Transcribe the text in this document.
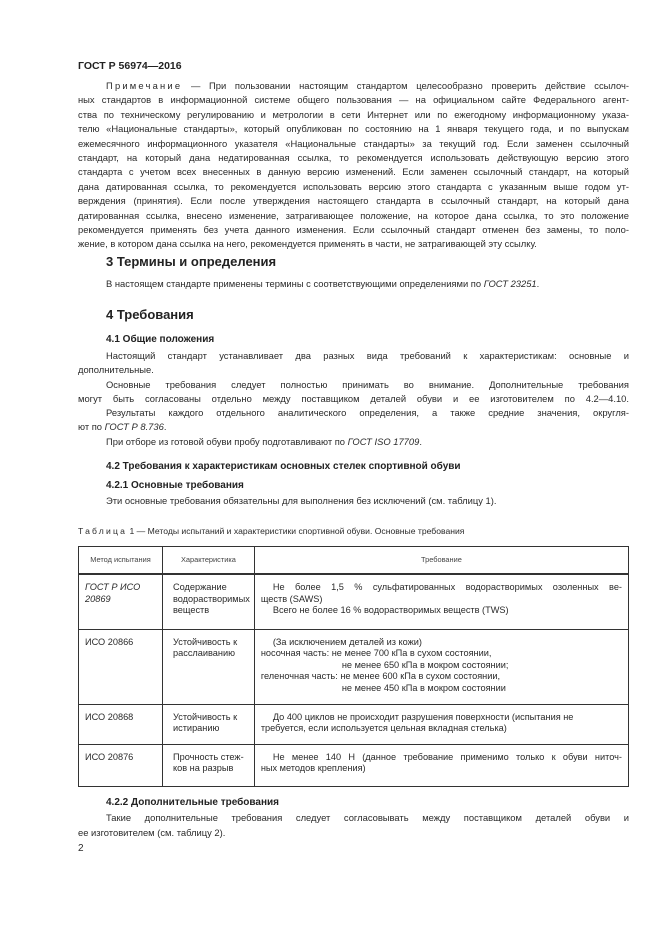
ГОСТ Р 56974—2016
Примечание — При пользовании настоящим стандартом целесообразно проверить действие ссылоч-
ных стандартов в информационной системе общего пользования — на официальном сайте Федерального агент-
ства по техническому регулированию и метрологии в сети Интернет или по ежегодному информационному указа-
телю «Национальные стандарты», который опубликован по состоянию на 1 января текущего года, и по выпускам
ежемесячного информационного указателя «Национальные стандарты» за текущий год. Если заменен ссылочный
стандарт, на который дана недатированная ссылка, то рекомендуется использовать действующую версию этого
стандарта с учетом всех внесенных в данную версию изменений. Если заменен ссылочный стандарт, на который
дана датированная ссылка, то рекомендуется использовать версию этого стандарта с указанным выше годом ут-
верждения (принятия). Если после утверждения настоящего стандарта в ссылочный стандарт, на который дана
датированная ссылка, внесено изменение, затрагивающее положение, на которое дана ссылка, то это положение
рекомендуется применять без учета данного изменения. Если ссылочный стандарт отменен без замены, то поло-
жение, в котором дана ссылка на него, рекомендуется применять в части, не затрагивающей эту ссылку.
3 Термины и определения
В настоящем стандарте применены термины с соответствующими определениями по ГОСТ 23251.
4 Требования
4.1 Общие положения
Настоящий стандарт устанавливает два разных вида требований к характеристикам: основные и
дополнительные.
Основные требования следует полностью принимать во внимание. Дополнительные требования
могут быть согласованы отдельно между поставщиком деталей обуви и ее изготовителем по 4.2—4.10.
Результаты каждого отдельного аналитического определения, а также средние значения, округля-
ют по ГОСТ Р 8.736.
При отборе из готовой обуви пробу подготавливают по ГОСТ ISO 17709.
4.2 Требования к характеристикам основных стелек спортивной обуви
4.2.1 Основные требования
Эти основные требования обязательны для выполнения без исключений (см. таблицу 1).
Таблица 1 — Методы испытаний и характеристики спортивной обуви. Основные требования
Метод испытания	Характеристика	Требование
ГОСТ Р ИСО 20869	Содержание водорастворимых веществ	Не более 1,5 % сульфатированных водорастворимых озоленных ве-
ществ (SAWS)
Всего не более 16 % водорастворимых веществ (TWS)

ИСО 20866	Устойчивость к расслаиванию	(За исключением деталей из кожи)
носочная часть: не менее 700 кПа в сухом состоянии,
не менее 650 кПа в мокром состоянии;
геленочная часть: не менее 600 кПа в сухом состоянии,
не менее 450 кПа в мокром состоянии

ИСО 20868	Устойчивость к истиранию	До 400 циклов не происходит разрушения поверхности (испытания не
требуется, если используется цельная вкладная стелька)

ИСО 20876	Прочность стеж-ков на разрыв	Не менее 140 Н (данное требование применимо только к обуви ниточ-
ных методов крепления)
4.2.2 Дополнительные требования
Такие дополнительные требования следует согласовывать между поставщиком деталей обуви и
ее изготовителем (см. таблицу 2).
2
